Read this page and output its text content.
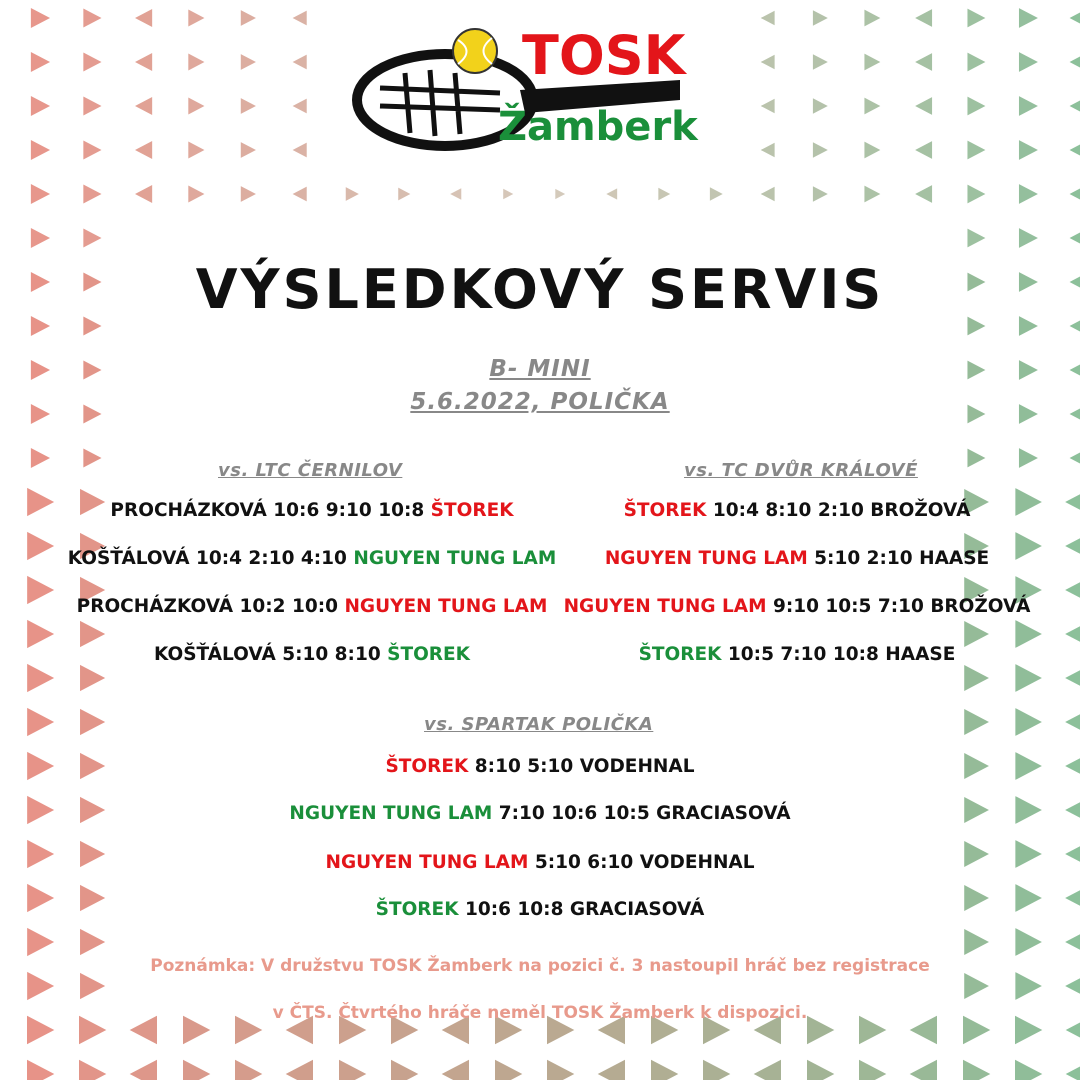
TOSK
Žamberk
VÝSLEDKOVÝ SERVIS
B- MINI
5.6.2022, POLIČKA
vs. LTC ČERNILOV	vs. TC DVŮR KRÁLOVÉ
vs. SPARTAK POLIČKA
PROCHÁZKOVÁ 10:6 9:10 10:8 ŠTOREK
KOŠŤÁLOVÁ 10:4 2:10 4:10 NGUYEN TUNG LAM
PROCHÁZKOVÁ 10:2 10:0 NGUYEN TUNG LAM
KOŠŤÁLOVÁ 5:10 8:10 ŠTOREK
ŠTOREK 10:4 8:10 2:10 BROŽOVÁ
NGUYEN TUNG LAM 5:10 2:10 HAASE
NGUYEN TUNG LAM 9:10 10:5 7:10 BROŽOVÁ
ŠTOREK 10:5 7:10 10:8 HAASE
ŠTOREK 8:10 5:10 VODEHNAL
NGUYEN TUNG LAM 7:10 10:6 10:5 GRACIASOVÁ
NGUYEN TUNG LAM 5:10 6:10 VODEHNAL
ŠTOREK 10:6 10:8 GRACIASOVÁ
Poznámka: V družstvu TOSK Žamberk na pozici č. 3 nastoupil hráč bez registrace
v ČTS. Čtvrtého hráče neměl TOSK Žamberk k dispozici.
